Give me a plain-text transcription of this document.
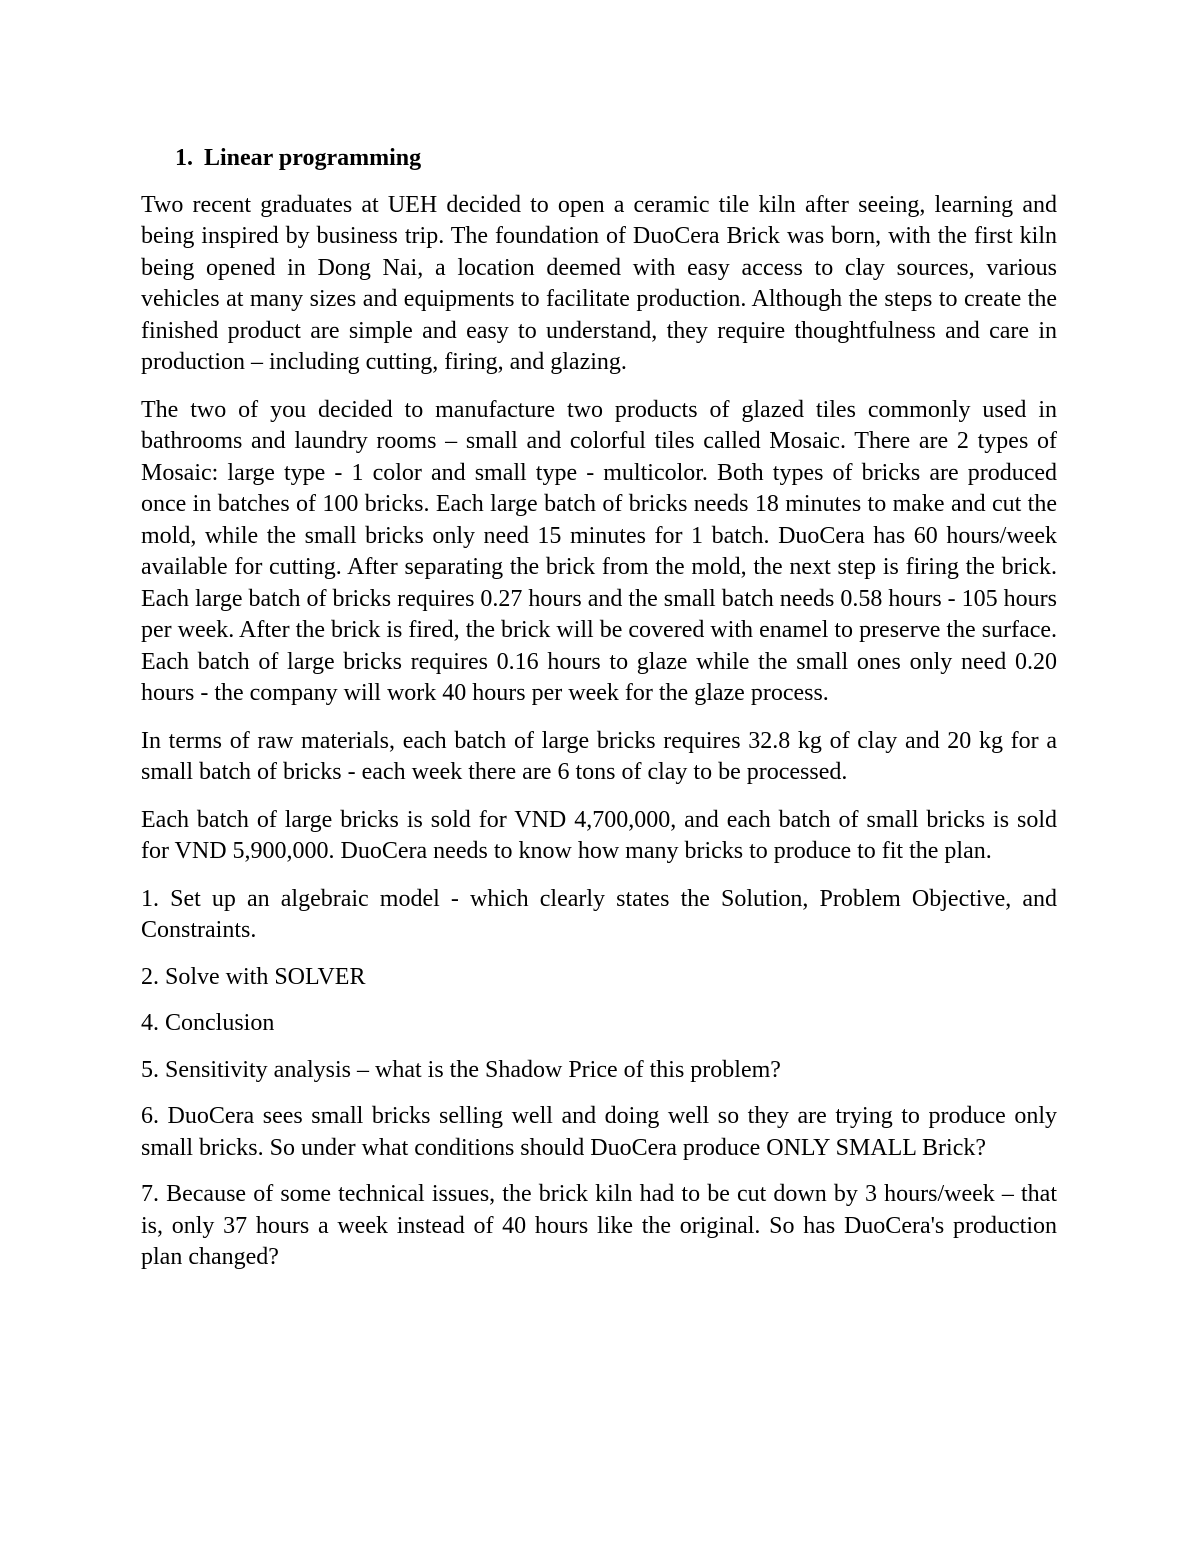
1. Linear programming

Two recent graduates at UEH decided to open a ceramic tile kiln after seeing, learning and being inspired by business trip. The foundation of DuoCera Brick was born, with the first kiln being opened in Dong Nai, a location deemed with easy access to clay sources, various vehicles at many sizes and equipments to facilitate production. Although the steps to create the finished product are simple and easy to understand, they require thoughtfulness and care in production – including cutting, firing, and glazing.

The two of you decided to manufacture two products of glazed tiles commonly used in bathrooms and laundry rooms – small and colorful tiles called Mosaic. There are 2 types of Mosaic: large type - 1 color and small type - multicolor. Both types of bricks are produced once in batches of 100 bricks. Each large batch of bricks needs 18 minutes to make and cut the mold, while the small bricks only need 15 minutes for 1 batch. DuoCera has 60 hours/week available for cutting. After separating the brick from the mold, the next step is firing the brick. Each large batch of bricks requires 0.27 hours and the small batch needs 0.58 hours - 105 hours per week. After the brick is fired, the brick will be covered with enamel to preserve the surface. Each batch of large bricks requires 0.16 hours to glaze while the small ones only need 0.20 hours - the company will work 40 hours per week for the glaze process.

In terms of raw materials, each batch of large bricks requires 32.8 kg of clay and 20 kg for a small batch of bricks - each week there are 6 tons of clay to be processed.

Each batch of large bricks is sold for VND 4,700,000, and each batch of small bricks is sold for VND 5,900,000. DuoCera needs to know how many bricks to produce to fit the plan.

1. Set up an algebraic model - which clearly states the Solution, Problem Objective, and Constraints.

2. Solve with SOLVER

4. Conclusion

5. Sensitivity analysis – what is the Shadow Price of this problem?

6. DuoCera sees small bricks selling well and doing well so they are trying to produce only small bricks. So under what conditions should DuoCera produce ONLY SMALL Brick?

7. Because of some technical issues, the brick kiln had to be cut down by 3 hours/week – that is, only 37 hours a week instead of 40 hours like the original. So has DuoCera's production plan changed?
